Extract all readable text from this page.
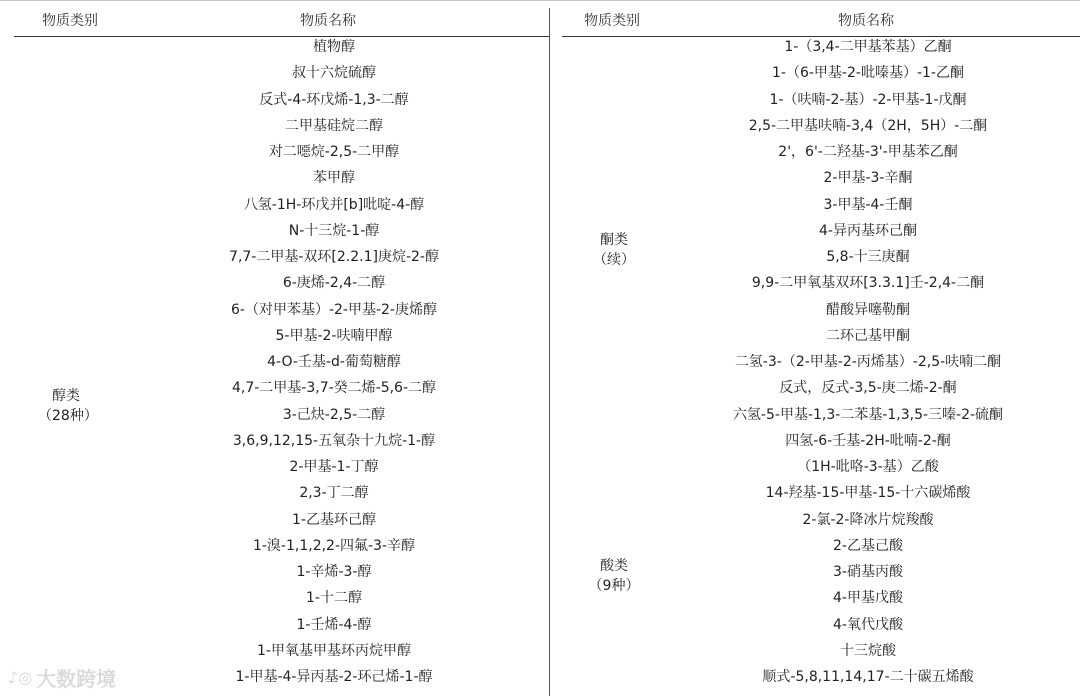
物质类别	物质名称
醇类
（28种）
植物醇
叔十六烷硫醇
反式-4-环戊烯-1,3-二醇
二甲基硅烷二醇
对二噁烷-2,5-二甲醇
苯甲醇
八氢-1H-环戊并[b]吡啶-4-醇
N-十三烷-1-醇
7,7-二甲基-双环[2.2.1]庚烷-2-醇
6-庚烯-2,4-二醇
6-（对甲苯基）-2-甲基-2-庚烯醇
5-甲基-2-呋喃甲醇
4-O-壬基-d-葡萄糖醇
4,7-二甲基-3,7-癸二烯-5,6-二醇
3-己炔-2,5-二醇
3,6,9,12,15-五氧杂十九烷-1-醇
2-甲基-1-丁醇
2,3-丁二醇
1-乙基环己醇
1-溴-1,1,2,2-四氟-3-辛醇
1-辛烯-3-醇
1-十二醇
1-壬烯-4-醇
1-甲氧基甲基环丙烷甲醇
1-甲基-4-异丙基-2-环己烯-1-醇
物质类别	物质名称
酮类
（续）
酸类
（9种）
1-（3,4-二甲基苯基）乙酮
1-（6-甲基-2-吡嗪基）-1-乙酮
1-（呋喃-2-基）-2-甲基-1-戊酮
2,5-二甲基呋喃-3,4（2H，5H）-二酮
2'，6'-二羟基-3'-甲基苯乙酮
2-甲基-3-辛酮
3-甲基-4-壬酮
4-异丙基环己酮
5,8-十三庚酮
9,9-二甲氧基双环[3.3.1]壬-2,4-二酮
醋酸异噻勒酮
二环己基甲酮
二氢-3-（2-甲基-2-丙烯基）-2,5-呋喃二酮
反式，反式-3,5-庚二烯-2-酮
六氢-5-甲基-1,3-二苯基-1,3,5-三嗪-2-硫酮
四氢-6-壬基-2H-吡喃-2-酮
（1H-吡咯-3-基）乙酸
14-羟基-15-甲基-15-十六碳烯酸
2-氯-2-降冰片烷羧酸
2-乙基己酸
3-硝基丙酸
4-甲基戊酸
4-氧代戊酸
十三烷酸
顺式-5,8,11,14,17-二十碳五烯酸
♪◎ 大数跨境
